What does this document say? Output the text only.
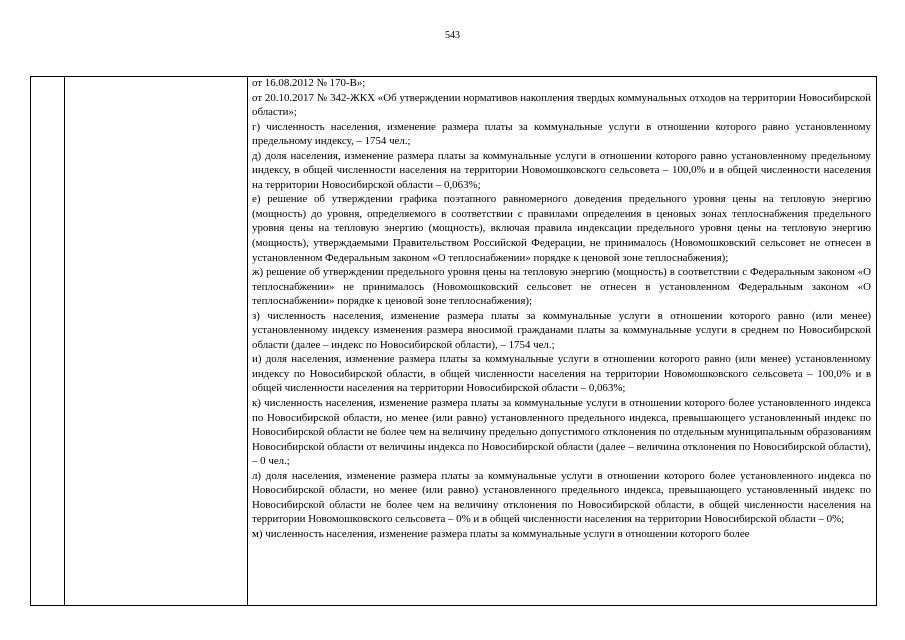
543

от 16.08.2012 № 170-В»;

от 20.10.2017 № 342-ЖКХ «Об утверждении нормативов накопления твердых коммунальных отходов на территории Новосибирской области»;

г) численность населения, изменение размера платы за коммунальные услуги в отношении которого равно установленному предельному индексу, – 1754 чел.;

д) доля населения, изменение размера платы за коммунальные услуги в отношении которого равно установленному предельному индексу, в общей численности населения на территории Новомошковского сельсовета – 100,0% и в общей численности населения на территории Новосибирской области – 0,063%;

е) решение об утверждении графика поэтапного равномерного доведения предельного уровня цены на тепловую энергию (мощность) до уровня, определяемого в соответствии с правилами определения в ценовых зонах теплоснабжения предельного уровня цены на тепловую энергию (мощность), включая правила индексации предельного уровня цены на тепловую энергию (мощность), утверждаемыми Правительством Российской Федерации, не принималось (Новомошковский сельсовет не отнесен в установленном Федеральным законом «О теплоснабжении» порядке к ценовой зоне теплоснабжения);

ж) решение об утверждении предельного уровня цены на тепловую энергию (мощность) в соответствии с Федеральным законом «О теплоснабжении» не принималось (Новомошковский сельсовет не отнесен в установленном Федеральным законом «О теплоснабжении» порядке к ценовой зоне теплоснабжения);

з) численность населения, изменение размера платы за коммунальные услуги в отношении которого равно (или менее) установленному индексу изменения размера вносимой гражданами платы за коммунальные услуги в среднем по Новосибирской области (далее – индекс по Новосибирской области), – 1754 чел.;

и) доля населения, изменение размера платы за коммунальные услуги в отношении которого равно (или менее) установленному индексу по Новосибирской области, в общей численности населения на территории Новомошковского сельсовета – 100,0% и в общей численности населения на территории Новосибирской области – 0,063%;

к) численность населения, изменение размера платы за коммунальные услуги в отношении которого более установленного индекса по Новосибирской области, но менее (или равно) установленного предельного индекса, превышающего установленный индекс по Новосибирской области не более чем на величину предельно допустимого отклонения по отдельным муниципальным образованиям Новосибирской области от величины индекса по Новосибирской области (далее – величина отклонения по Новосибирской области), – 0 чел.;

л) доля населения, изменение размера платы за коммунальные услуги в отношении которого более установленного индекса по Новосибирской области, но менее (или равно) установленного предельного индекса, превышающего установленный индекс по Новосибирской области не более чем на величину отклонения по Новосибирской области, в общей численности населения на территории Новомошковского сельсовета – 0% и в общей численности населения на территории Новосибирской области – 0%;

м) численность населения, изменение размера платы за коммунальные услуги в отношении которого более
